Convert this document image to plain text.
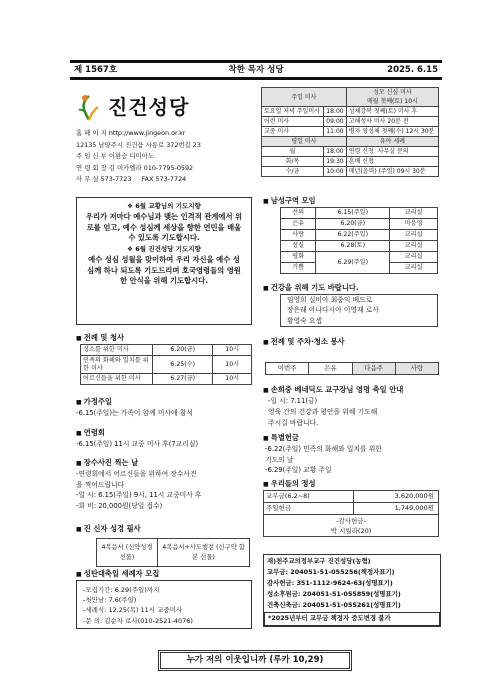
제 1567호	착한 목자 성당	2025. 6.15
진건성당
홈 페 이 지 http://www.jingeon.or.kr
12135 남양주시 진건읍 사릉로 372번길 23
주 임 신 부 이환승 디미아노
연 령 회 장 김 미카엘라 010-7795-0592
사 무 실 573-7723 FAX 573-7724
주일 미사		성모 신심 미사
매월 첫째(토) 10시
토요일 저녁 주일미사	18:00	성체강복 첫째(토) 미사 후
어린 미사	09:00	고해성사 미사 20분 전
교중 미사	11:00	병자 영성체 첫째(수) 12시 30분
평일 미사		유아 세례
월	18:00	연령 신청 사무실 문의
화/목	19:30	혼배 신청
수/금	10:00	매년(음력) (주일) 09시 30분
❖ 6월 교황님의 기도지향
우리가 저마다 예수님과 맺는 인격적 관계에서 위로를 얻고, 예수 성심께 세상을 향한 연민을 배울 수 있도록 기도합시다.
❖ 6월 진건성당 기도지향
예수 성심 성월을 맞이하여 우리 자신을 예수 성심께 하나 되도록 기도드리며 호국영령들의 영원한 안식을 위해 기도합시다.
■ 전례 및 청사
성소를 위한 미사	6.20(금)	10시
민족의 화해와 일치를 위한 미사	6.25(수)	10시
어르신들을 위한 미사	6.27(금)	10시
■ 가정주일
-6.15(주일)는 가족이 함께 미사에 참석
■ 연령회
-6.15(주일) 11시 교중 미사 후(7교리실)
■ 장수사진 찍는 날
-연령회에서 어르신들을 위하여 장수사진
을 찍어드립니다
-일 시: 6.15(주일) 9시, 11시 교중미사 후
-회 비: 20,000원(당일 접수)
■ 진 신자 성경 필사
4복음서 (신약성경 선물)	4복음서+사도행전 (신구약 함본 선물)
■ 성탄대축일 세례자 모집
-모집기간: 6.29(주일)까지
-첫만남: 7.6(주일)
-세례식: 12.25(목) 11시 교중미사
-문 의: 김순자 로사(010-2521-4076)
■ 남성구역 모임
선의	6.15(주일)	교리실
은유	6.20(금)	마음영
사랑	6.22(주일)	교리실
성실	6.28(토)	교리실
평화	6.29(주일)	교리실
기쁨		교리실
■ 건강을 위해 기도 바랍니다.
임영희 실비아 최중익 베드로
장은래 아나다시아 이영재 로사
황영숙 요셉
■ 전례 및 주차·청소 봉사
이번주	은유	다음주	사랑
■ 손희중 베네딕도 교구장님 영명 축일 안내
-일 시: 7.11(금)
영육 간의 건강과 평안을 위해 기도해
주시길 바랍니다.
■ 특별헌금
-6.22(주일) 민족의 화해와 일치를 위한
기도의 날
-6.29(주일) 교황 주일
■ 우리들의 정성
교무금(6.2~8)	3,620,000원
주일헌금	1,749,000원

-감사헌금-
박 시월라(20)	
재)천주교의정부교구 진건성당(농협)
교무금: 204051-51-055256(책정자표기)
감사헌금: 351-1112-9624-63(성명표기)
성소후원금: 204051-51-055859(성명표기)
건축신축금: 204051-51-055261(성명표기)
*2025년부터 교무금 책정자 중도변경 불가
누가 저의 이웃입니까 (루카 10,29)
